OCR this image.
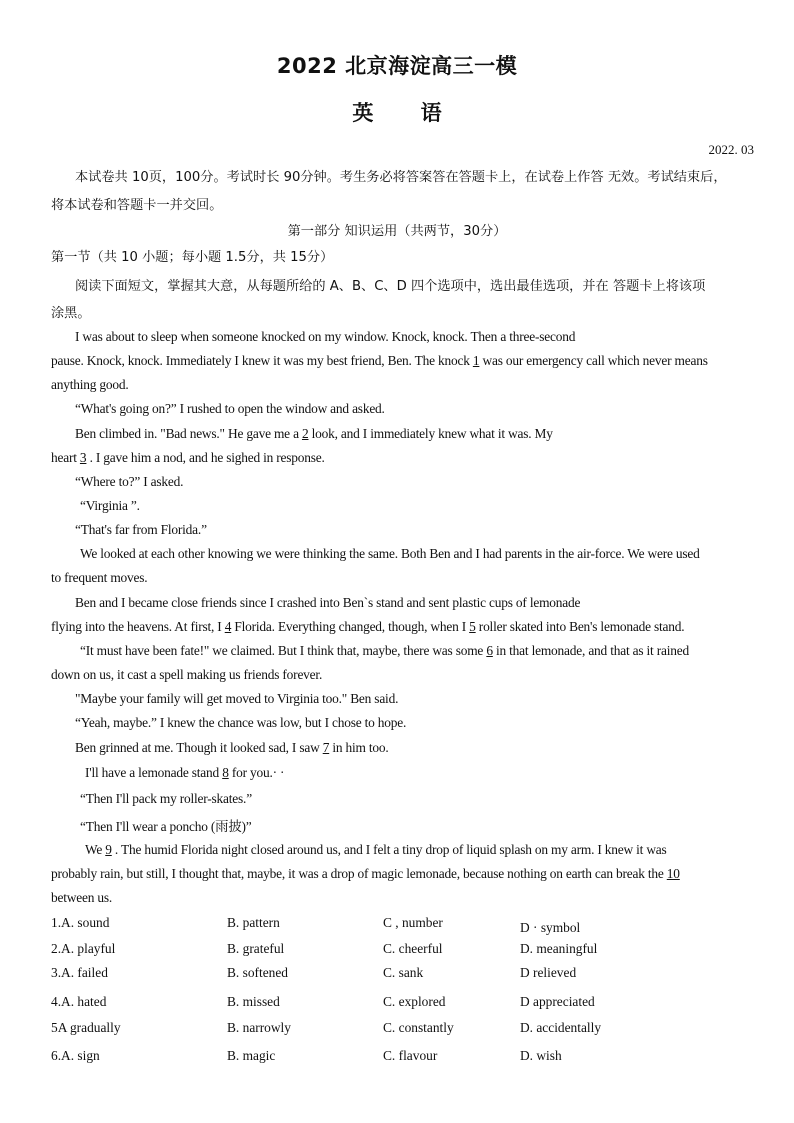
2022 北京海淀高三一模
英 语
2022. 03
本试卷共 10页，100分。考试时长 90分钟。考生务必将答案答在答题卡上，在试卷上作答 无效。考试结束后，
将本试卷和答题卡一并交回。
第一部分 知识运用（共两节，30分）
第一节（共 10 小题；每小题 1.5分，共 15分）
阅读下面短文，掌握其大意，从每题所给的 A、B、C、D 四个选项中，选出最佳选项，并在 答题卡上将该项
涂黑。
I was about to sleep when someone knocked on my window. Knock, knock. Then a three-second
pause. Knock, knock. Immediately I knew it was my best friend, Ben. The knock 1 was our emergency call which never means
anything good.
“What's going on?” I rushed to open the window and asked.
Ben climbed in. "Bad news." He gave me a 2 look, and I immediately knew what it was. My
heart 3 . I gave him a nod, and he sighed in response.
“Where to?” I asked.
“Virginia ”.
“That's far from Florida.”
We looked at each other knowing we were thinking the same. Both Ben and I had parents in the air-force. We were used
to frequent moves.
Ben and I became close friends since I crashed into Ben`s stand and sent plastic cups of lemonade
flying into the heavens. At first, I 4 Florida. Everything changed, though, when I 5 roller skated into Ben's lemonade stand.
“It must have been fate!" we claimed. But I think that, maybe, there was some 6 in that lemonade, and that as it rained
down on us, it cast a spell making us friends forever.
"Maybe your family will get moved to Virginia too." Ben said.
“Yeah, maybe.” I knew the chance was low, but I chose to hope.
Ben grinned at me. Though it looked sad, I saw 7 in him too.
I'll have a lemonade stand 8 for you.· ·
“Then I'll pack my roller-skates.”
“Then I'll wear a poncho (雨披)”
We 9 . The humid Florida night closed around us, and I felt a tiny drop of liquid splash on my arm. I knew it was
probably rain, but still, I thought that, maybe, it was a drop of magic lemonade, because nothing on earth can break the 10
between us.
1.A. sound	B. pattern	C , number	D · symbol
2.A. playful	B. grateful	C. cheerful	D. meaningful
3.A. failed	B. softened	C. sank	D relieved
4.A. hated	B. missed	C. explored	D appreciated
5A gradually	B. narrowly	C. constantly	D. accidentally
6.A. sign	B. magic	C. flavour	D. wish
